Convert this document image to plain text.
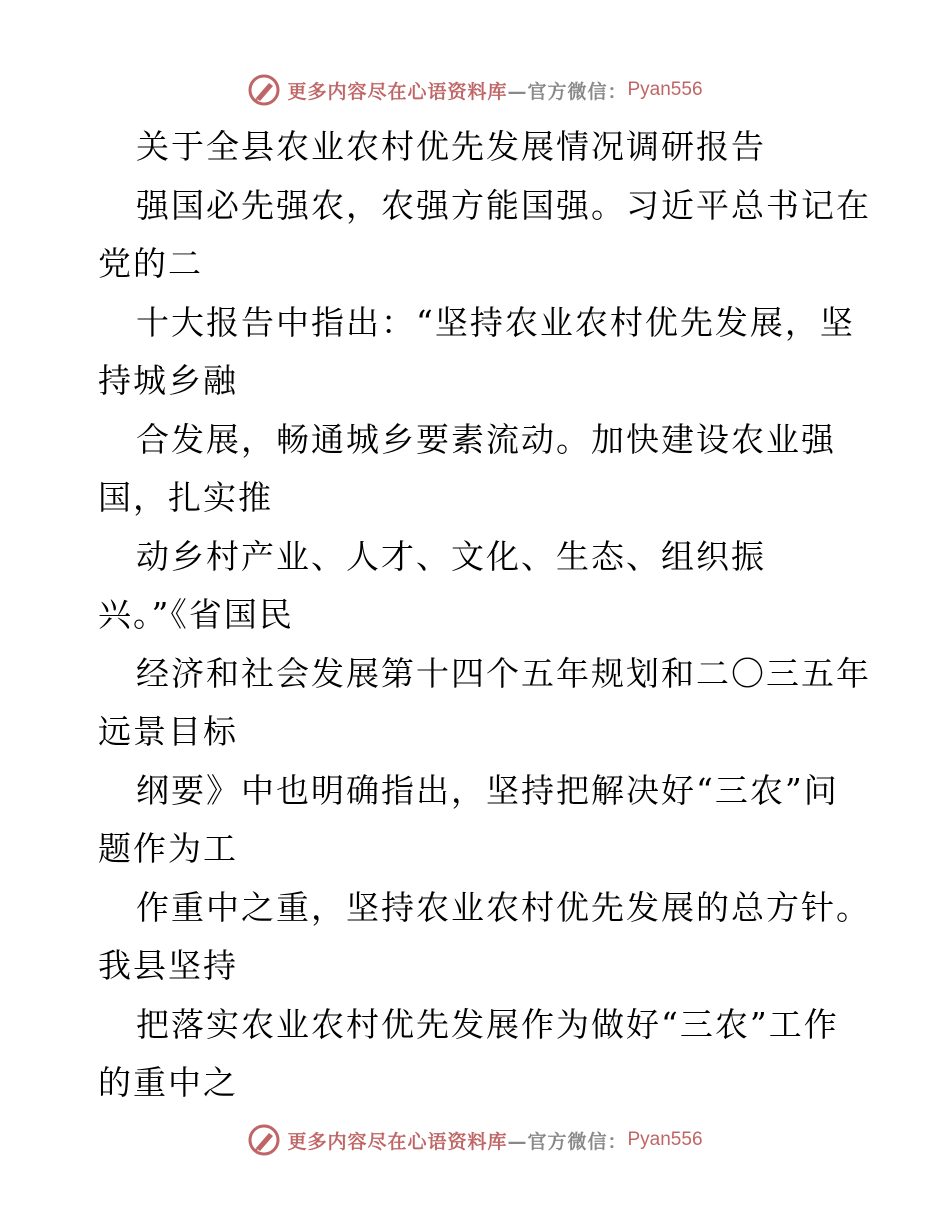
更多内容尽在心语资料库 —官方微信： Pyan556
关于全县农业农村优先发展情况调研报告
强国必先强农，农强方能国强。习近平总书记在
党的二
十大报告中指出：“坚持农业农村优先发展，坚
持城乡融
合发展，畅通城乡要素流动。加快建设农业强
国，扎实推
动乡村产业、人才、文化、生态、组织振
兴。”《省国民
经济和社会发展第十四个五年规划和二〇三五年
远景目标
纲要》中也明确指出，坚持把解决好“三农”问
题作为工
作重中之重，坚持农业农村优先发展的总方针。
我县坚持
把落实农业农村优先发展作为做好“三农”工作
的重中之
更多内容尽在心语资料库 —官方微信： Pyan556
